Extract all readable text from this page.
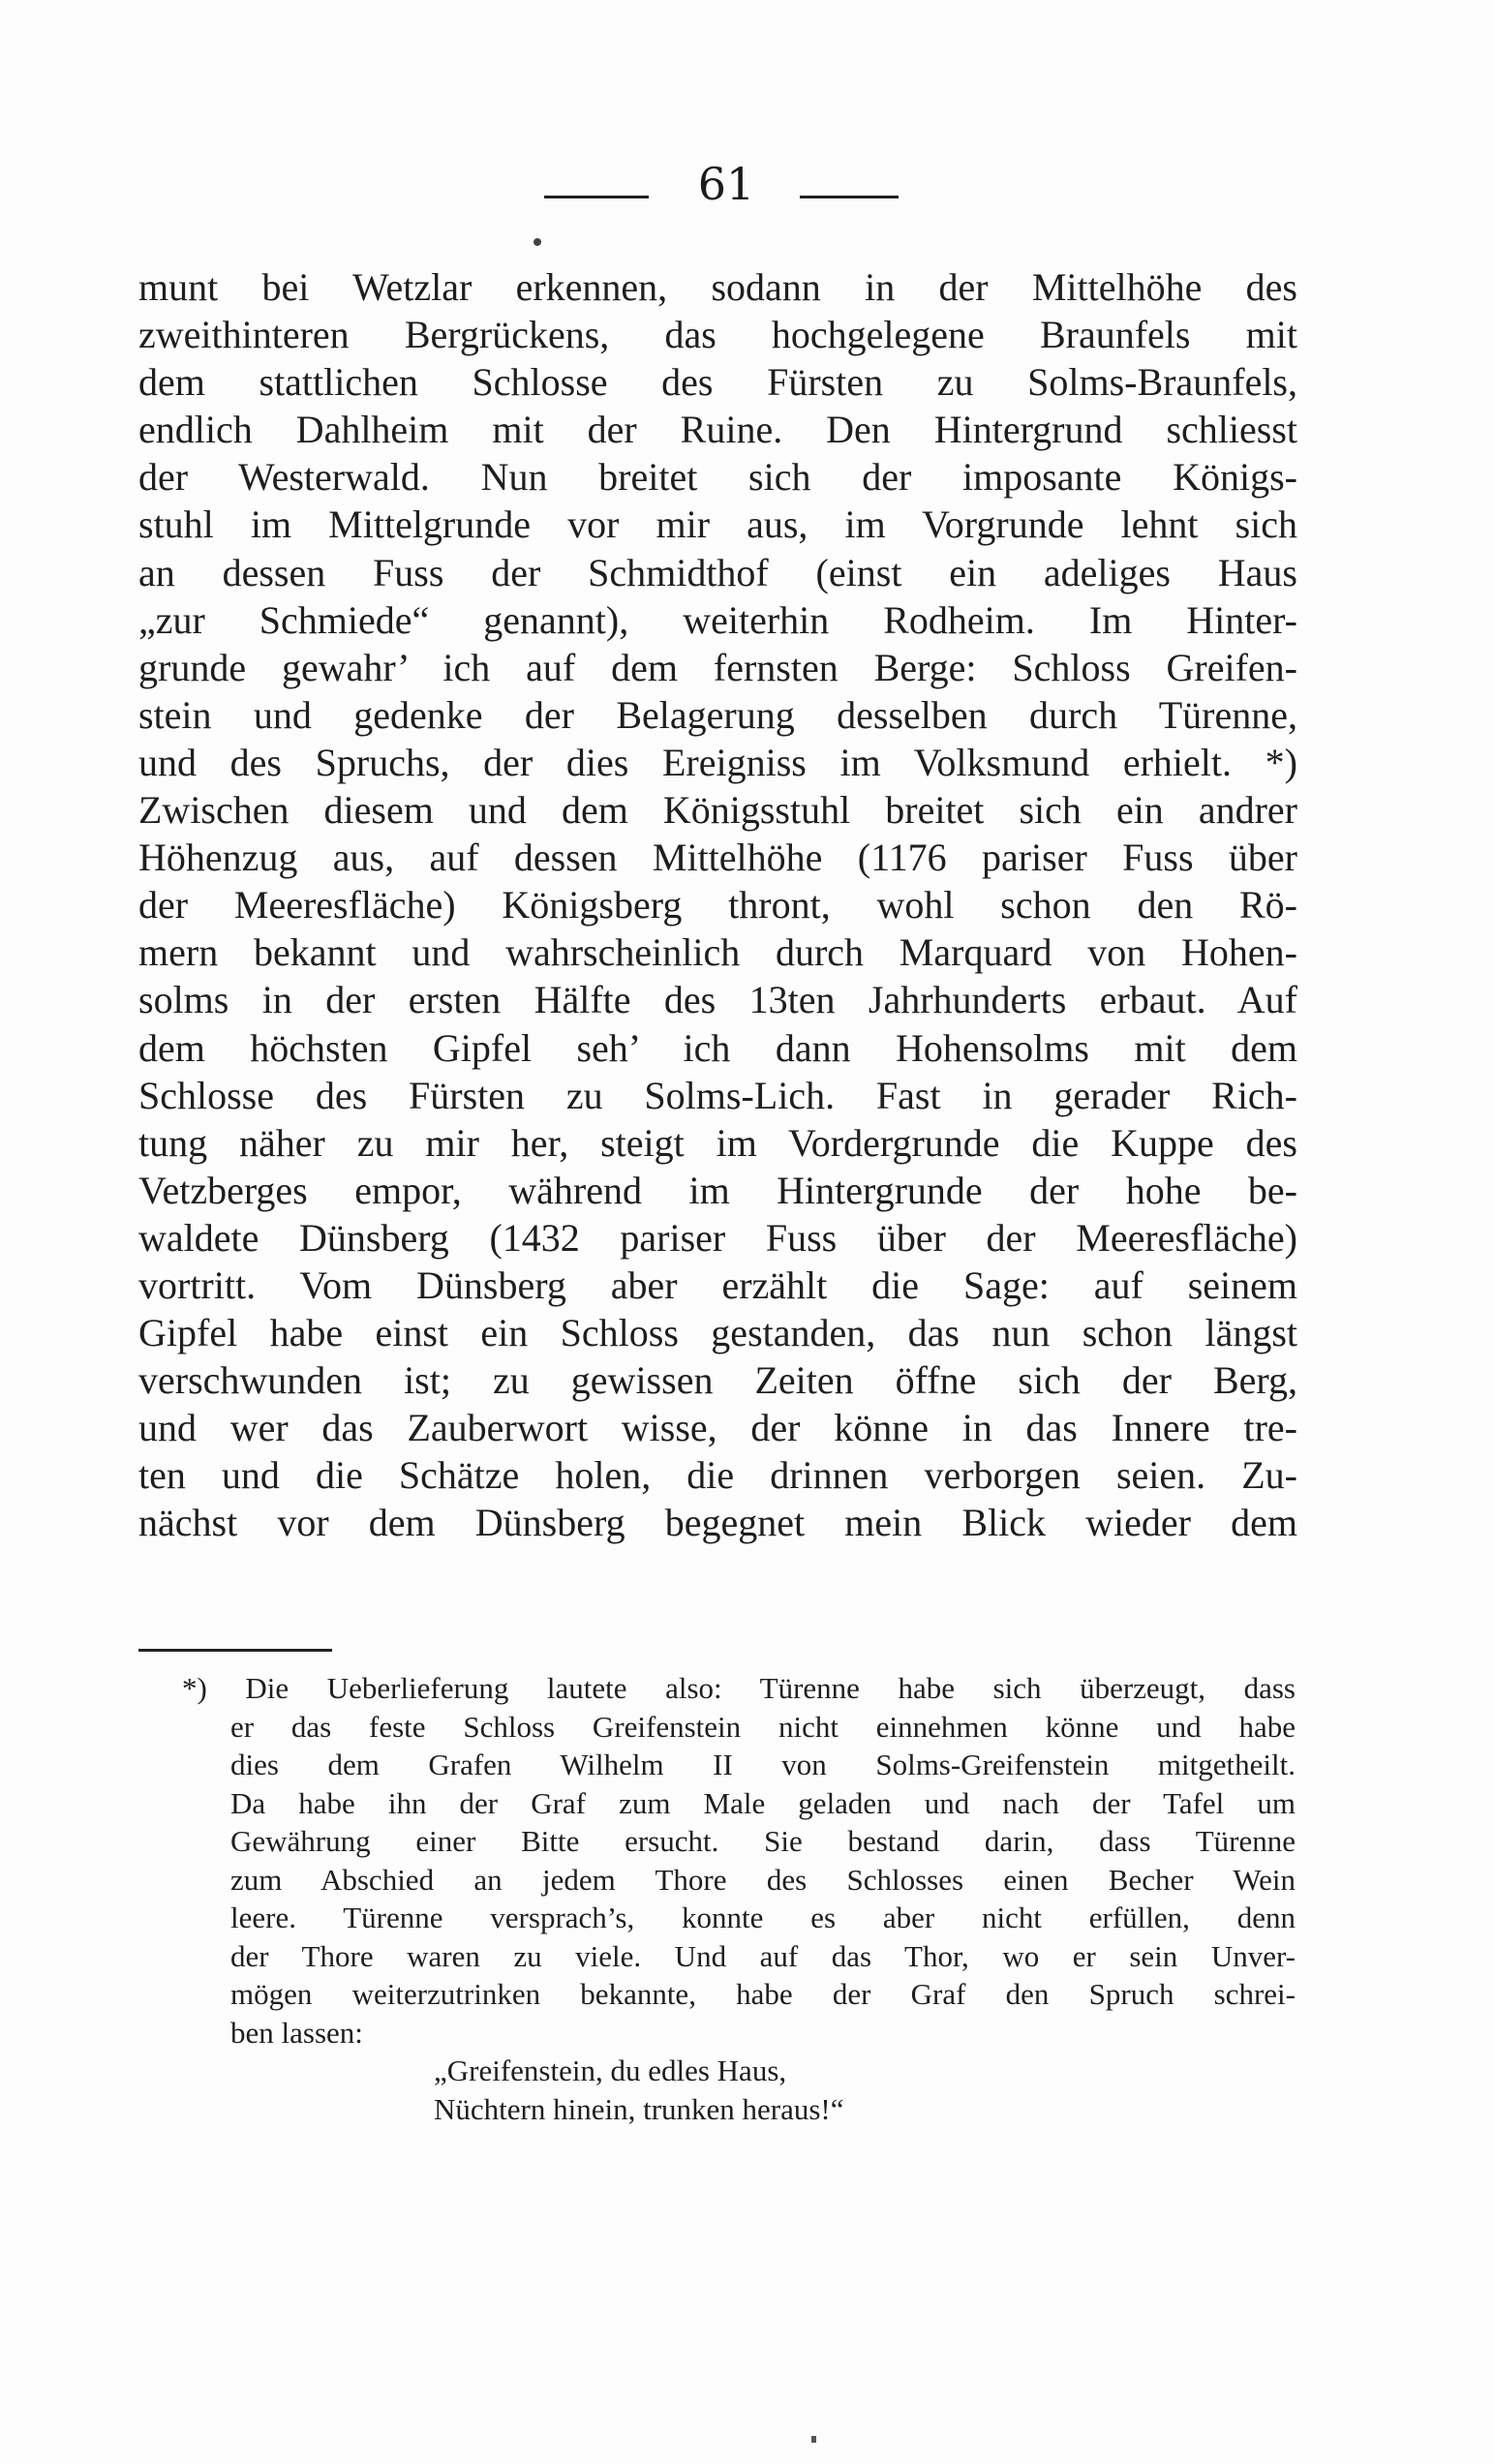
61
munt bei Wetzlar erkennen, sodann in der Mittelhöhe des
zweithinteren Bergrückens, das hochgelegene Braunfels mit
dem stattlichen Schlosse des Fürsten zu Solms-Braunfels,
endlich Dahlheim mit der Ruine. Den Hintergrund schliesst
der Westerwald. Nun breitet sich der imposante Königs-
stuhl im Mittelgrunde vor mir aus, im Vorgrunde lehnt sich
an dessen Fuss der Schmidthof (einst ein adeliges Haus
„zur Schmiede“ genannt), weiterhin Rodheim. Im Hinter-
grunde gewahr’ ich auf dem fernsten Berge: Schloss Greifen-
stein und gedenke der Belagerung desselben durch Türenne,
und des Spruchs, der dies Ereigniss im Volksmund erhielt. *)
Zwischen diesem und dem Königsstuhl breitet sich ein andrer
Höhenzug aus, auf dessen Mittelhöhe (1176 pariser Fuss über
der Meeresfläche) Königsberg thront, wohl schon den Rö-
mern bekannt und wahrscheinlich durch Marquard von Hohen-
solms in der ersten Hälfte des 13ten Jahrhunderts erbaut. Auf
dem höchsten Gipfel seh’ ich dann Hohensolms mit dem
Schlosse des Fürsten zu Solms-Lich. Fast in gerader Rich-
tung näher zu mir her, steigt im Vordergrunde die Kuppe des
Vetzberges empor, während im Hintergrunde der hohe be-
waldete Dünsberg (1432 pariser Fuss über der Meeresfläche)
vortritt. Vom Dünsberg aber erzählt die Sage: auf seinem
Gipfel habe einst ein Schloss gestanden, das nun schon längst
verschwunden ist; zu gewissen Zeiten öffne sich der Berg,
und wer das Zauberwort wisse, der könne in das Innere tre-
ten und die Schätze holen, die drinnen verborgen seien. Zu-
nächst vor dem Dünsberg begegnet mein Blick wieder dem
*) Die Ueberlieferung lautete also: Türenne habe sich überzeugt, dass
er das feste Schloss Greifenstein nicht einnehmen könne und habe
dies dem Grafen Wilhelm II von Solms-Greifenstein mitgetheilt.
Da habe ihn der Graf zum Male geladen und nach der Tafel um
Gewährung einer Bitte ersucht. Sie bestand darin, dass Türenne
zum Abschied an jedem Thore des Schlosses einen Becher Wein
leere. Türenne versprach’s, konnte es aber nicht erfüllen, denn
der Thore waren zu viele. Und auf das Thor, wo er sein Unver-
mögen weiterzutrinken bekannte, habe der Graf den Spruch schrei-
ben lassen:
„Greifenstein, du edles Haus,
Nüchtern hinein, trunken heraus!“
